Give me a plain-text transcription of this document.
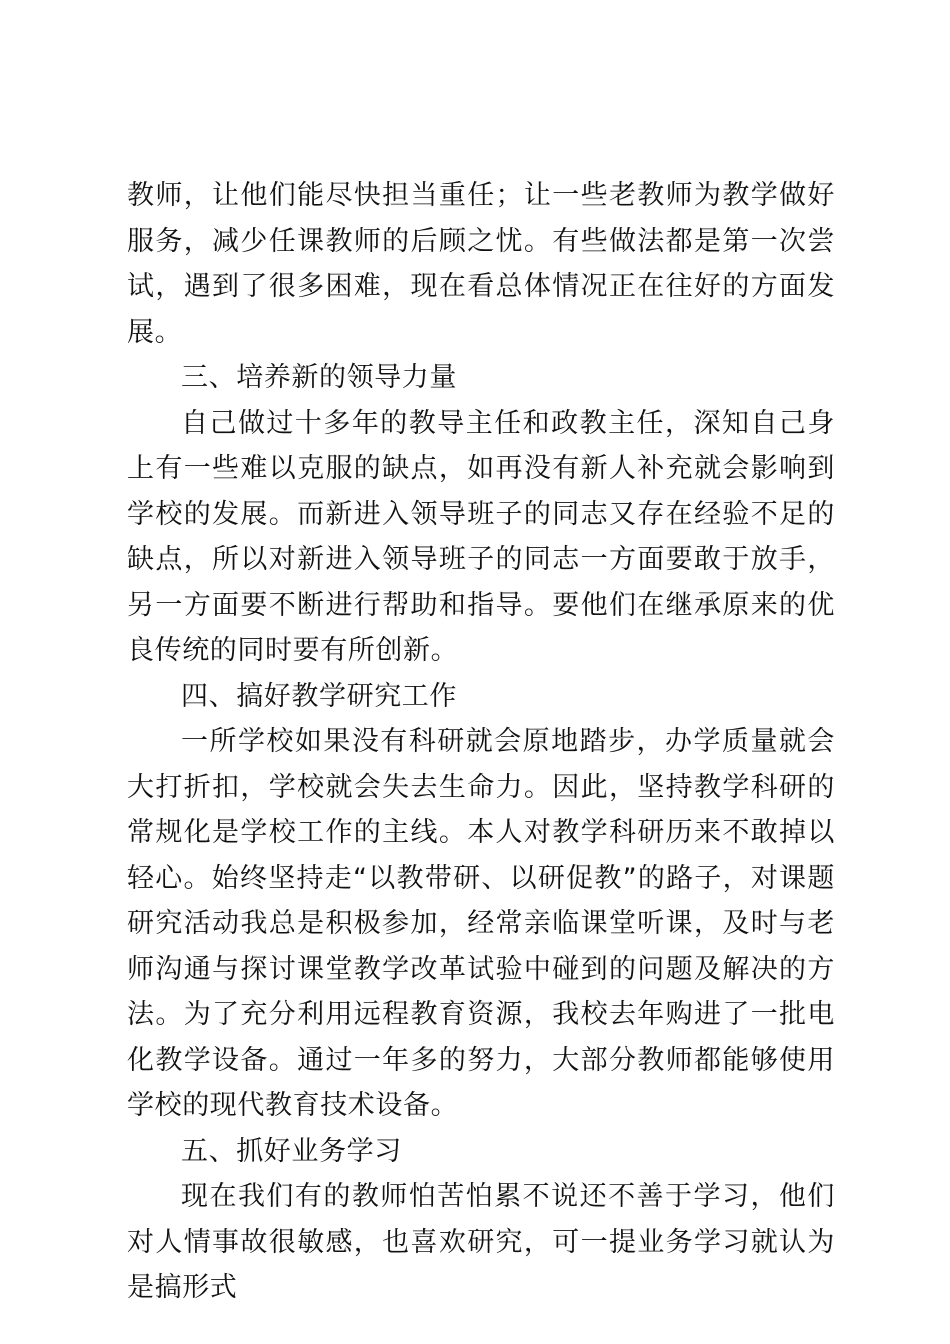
教师，让他们能尽快担当重任；让一些老教师为教学做好服务，减少任课教师的后顾之忧。有些做法都是第一次尝试，遇到了很多困难，现在看总体情况正在往好的方面发展。

三、培养新的领导力量

自己做过十多年的教导主任和政教主任，深知自己身上有一些难以克服的缺点，如再没有新人补充就会影响到学校的发展。而新进入领导班子的同志又存在经验不足的缺点，所以对新进入领导班子的同志一方面要敢于放手，另一方面要不断进行帮助和指导。要他们在继承原来的优良传统的同时要有所创新。

四、搞好教学研究工作

一所学校如果没有科研就会原地踏步，办学质量就会大打折扣，学校就会失去生命力。因此，坚持教学科研的常规化是学校工作的主线。本人对教学科研历来不敢掉以轻心。始终坚持走“以教带研、以研促教”的路子，对课题研究活动我总是积极参加，经常亲临课堂听课，及时与老师沟通与探讨课堂教学改革试验中碰到的问题及解决的方法。为了充分利用远程教育资源，我校去年购进了一批电化教学设备。通过一年多的努力，大部分教师都能够使用学校的现代教育技术设备。

五、抓好业务学习

现在我们有的教师怕苦怕累不说还不善于学习，他们对人情事故很敏感，也喜欢研究，可一提业务学习就认为是搞形式
